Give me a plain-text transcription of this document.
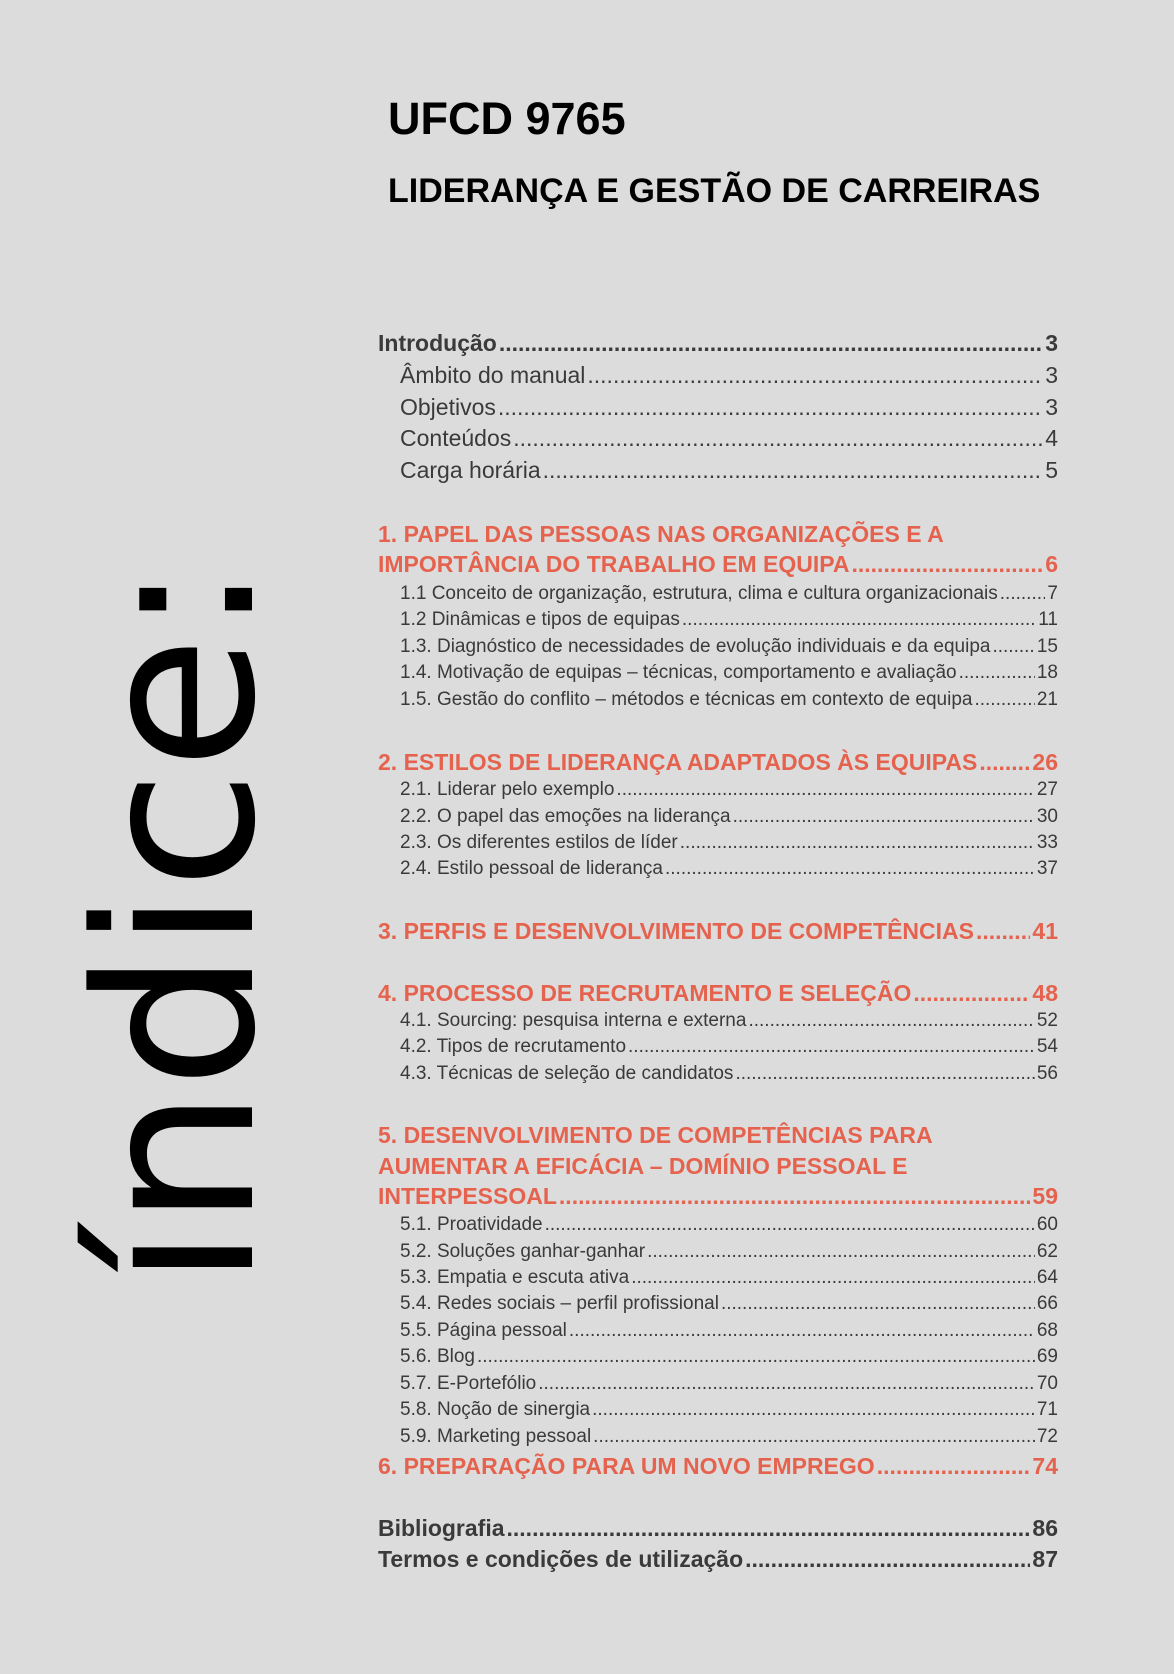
índice:
UFCD 9765
LIDERANÇA E GESTÃO DE CARREIRAS
Introdução .....	3
Âmbito do manual .....	3
Objetivos .....	3
Conteúdos .....	4
Carga horária .....	5
1. PAPEL DAS PESSOAS NAS ORGANIZAÇÕES E A
IMPORTÂNCIA DO TRABALHO EM EQUIPA .....	6
1.1 Conceito de organização, estrutura, clima e cultura organizacionais .....	7
1.2 Dinâmicas e tipos de equipas .....	11
1.3. Diagnóstico de necessidades de evolução individuais e da equipa ..... 15
1.4. Motivação de equipas – técnicas, comportamento e avaliação .....	18
1.5. Gestão do conflito – métodos e técnicas em contexto de equipa .....	21
2. ESTILOS DE LIDERANÇA ADAPTADOS ÀS EQUIPAS ..... 26
2.1. Liderar pelo exemplo .....	27
2.2. O papel das emoções na liderança .....	30
2.3. Os diferentes estilos de líder .....	33
2.4. Estilo pessoal de liderança .....	37
3. PERFIS E DESENVOLVIMENTO DE COMPETÊNCIAS .....	41
4. PROCESSO DE RECRUTAMENTO E SELEÇÃO .....	48
4.1. Sourcing: pesquisa interna e externa .....	52
4.2. Tipos de recrutamento .....	54
4.3. Técnicas de seleção de candidatos .....	56
5. DESENVOLVIMENTO DE COMPETÊNCIAS PARA
AUMENTAR A EFICÁCIA – DOMÍNIO PESSOAL E
INTERPESSOAL .....	59
5.1. Proatividade .....	60
5.2. Soluções ganhar-ganhar .....	62
5.3. Empatia e escuta ativa .....	64
5.4. Redes sociais – perfil profissional .....	66
5.5. Página pessoal .....	68
5.6. Blog .....	69
5.7. E-Portefólio .....	70
5.8. Noção de sinergia .....	71
5.9. Marketing pessoal .....	72
6. PREPARAÇÃO PARA UM NOVO EMPREGO .....	74
Bibliografia .....	86
Termos e condições de utilização .....	87
